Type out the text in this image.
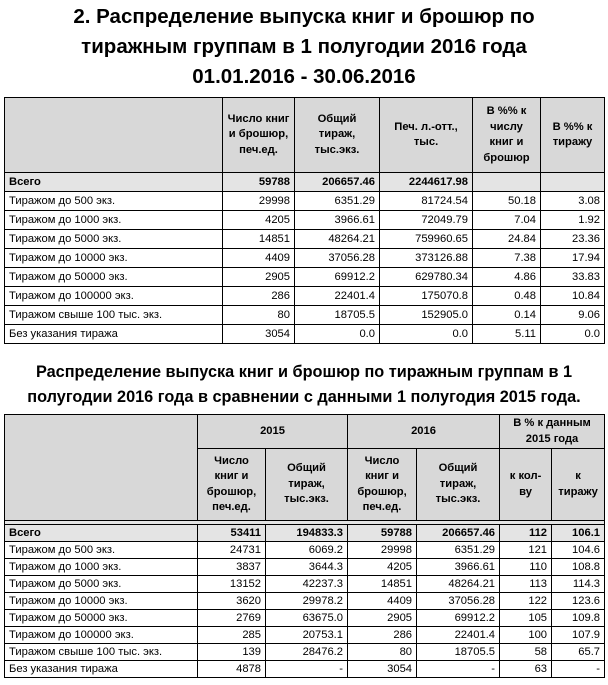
2. Распределение выпуска книг и брошюр по
тиражным группам в 1 полугодии 2016 года
01.01.2016 - 30.06.2016
	Число книг и брошюр, печ.ед.	Общий тираж, тыс.экз.	Печ. л.-отт., тыс.	В %% к числу книг и брошюр	В %% к тиражу
Всего	59788	206657.46	2244617.98		
Тиражом до 500 экз.	29998	6351.29	81724.54	50.18	3.08
Тиражом до 1000 экз.	4205	3966.61	72049.79	7.04	1.92
Тиражом до 5000 экз.	14851	48264.21	759960.65	24.84	23.36
Тиражом до 10000 экз.	4409	37056.28	373126.88	7.38	17.94
Тиражом до 50000 экз.	2905	69912.2	629780.34	4.86	33.83
Тиражом до 100000 экз.	286	22401.4	175070.8	0.48	10.84
Тиражом свыше 100 тыс. экз.	80	18705.5	152905.0	0.14	9.06
Без указания тиража	3054	0.0	0.0	5.11	0.0
Распределение выпуска книг и брошюр по тиражным группам в 1
полугодии 2016 года в сравнении с данными 1 полугодия 2015 года.
	2015		2016		В % к данным 2015 года	
	Число книг и брошюр, печ.ед.	Общий тираж, тыс.экз.	Число книг и брошюр, печ.ед.	Общий тираж, тыс.экз.	к кол-ву	к тиражу

Всего	53411	194833.3	59788	206657.46	112	106.1
Тиражом до 500 экз.	24731	6069.2	29998	6351.29	121	104.6
Тиражом до 1000 экз.	3837	3644.3	4205	3966.61	110	108.8
Тиражом до 5000 экз.	13152	42237.3	14851	48264.21	113	114.3
Тиражом до 10000 экз.	3620	29978.2	4409	37056.28	122	123.6
Тиражом до 50000 экз.	2769	63675.0	2905	69912.2	105	109.8
Тиражом до 100000 экз.	285	20753.1	286	22401.4	100	107.9
Тиражом свыше 100 тыс. экз.	139	28476.2	80	18705.5	58	65.7
Без указания тиража	4878	-	3054	-	63	-
